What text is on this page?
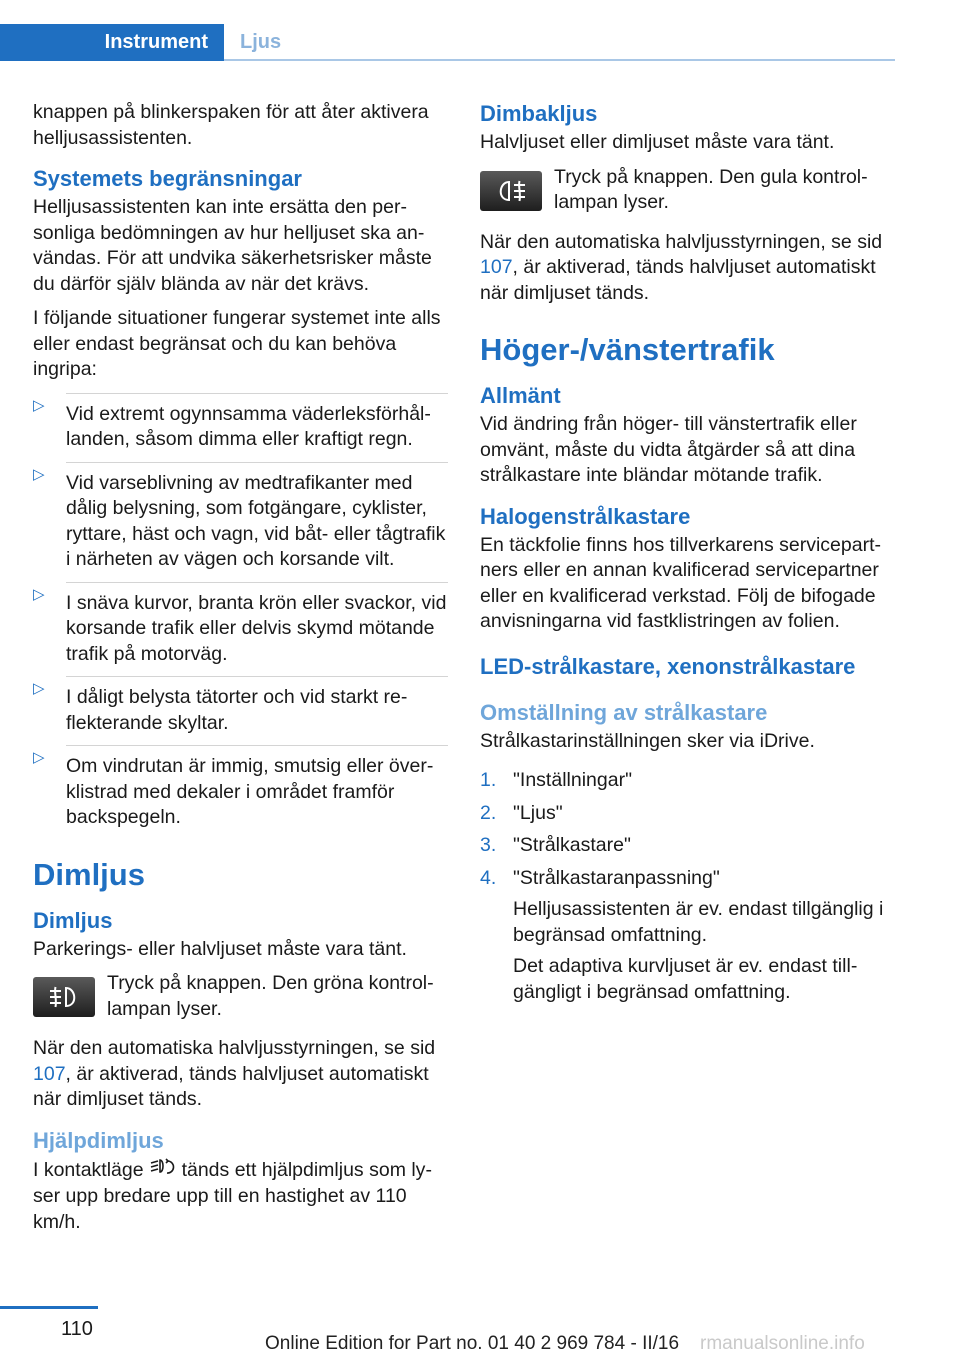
Instrument	Ljus

knappen på blinkerspaken för att åter aktivera helljusassistenten.

Systemets begränsningar

Helljusassistenten kan inte ersätta den personliga bedömningen av hur helljuset ska användas. För att undvika säkerhetsrisker måste du därför själv blända av när det krävs.

I följande situationer fungerar systemet inte alls eller endast begränsat och du kan behöva ingripa:

▷ Vid extremt ogynnsamma väderleksförhållanden, såsom dimma eller kraftigt regn.
▷ Vid varseblivning av medtrafikanter med dålig belysning, som fotgängare, cyklister, ryttare, häst och vagn, vid båt- eller tågtrafik i närheten av vägen och korsande vilt.
▷ I snäva kurvor, branta krön eller svackor, vid korsande trafik eller delvis skymd mötande trafik på motorväg.
▷ I dåligt belysta tätorter och vid starkt reflekterande skyltar.
▷ Om vindrutan är immig, smutsig eller överklistrad med dekaler i området framför backspegeln.
Dimljus
Dimljus

Parkerings- eller halvljuset måste vara tänt.

Tryck på knappen. Den gröna kontrollampan lyser.

När den automatiska halvljusstyrningen, se sid 107, är aktiverad, tänds halvljuset automatiskt när dimljuset tänds.

Hjälpdimljus

I kontaktläge tänds ett hjälpdimljus som lyser upp bredare upp till en hastighet av 110 km/h.

Dimbakljus

Halvljuset eller dimljuset måste vara tänt.

Tryck på knappen. Den gula kontrollampan lyser.

När den automatiska halvljusstyrningen, se sid 107, är aktiverad, tänds halvljuset automatiskt när dimljuset tänds.

Höger-/vänstertrafik
Allmänt

Vid ändring från höger- till vänstertrafik eller omvänt, måste du vidta åtgärder så att dina strålkastare inte bländar mötande trafik.

Halogenstrålkastare

En täckfolie finns hos tillverkarens servicepartners eller en annan kvalificerad servicepartner eller en kvalificerad verkstad. Följ de bifogade anvisningarna vid fastklistringen av folien.

LED-strålkastare, xenonstrålkastare
Omställning av strålkastare

Strålkastarinställningen sker via iDrive.

1. "Inställningar"
2. "Ljus"
3. "Strålkastare"
4. "Strålkastaranpassning"

Helljusassistenten är ev. endast tillgänglig i begränsad omfattning.

Det adaptiva kurvljuset är ev. endast tillgängligt i begränsad omfattning.

110
Online Edition for Part no. 01 40 2 969 784 - II/16 rmanualsonline.info
